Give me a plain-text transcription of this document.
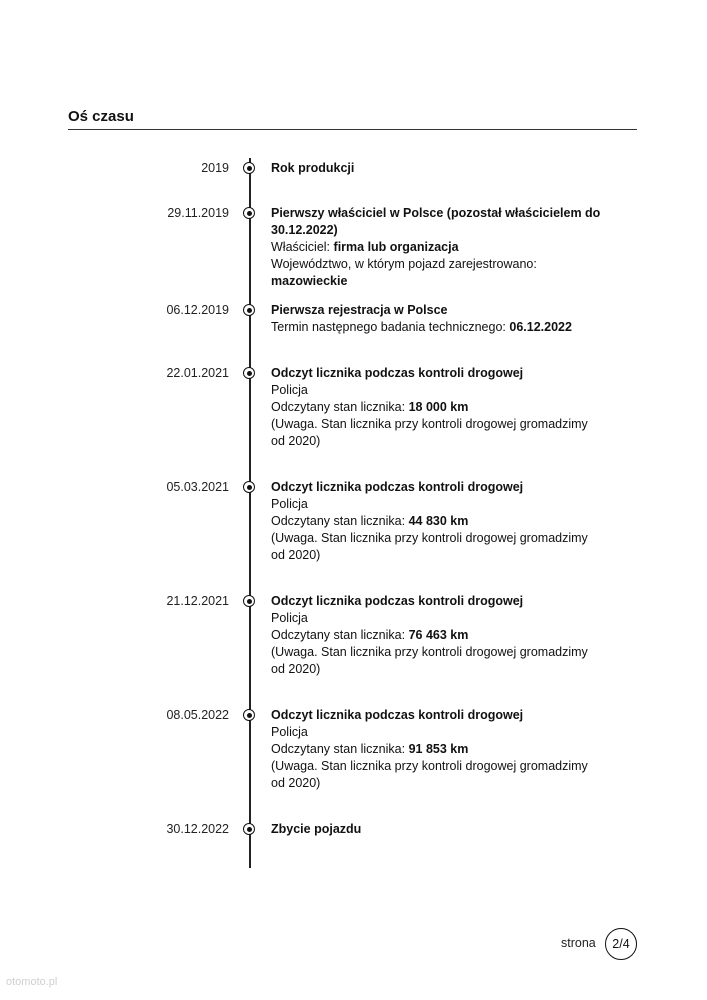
Oś czasu
2019	Rok produkcji
29.11.2019	Pierwszy właściciel w Polsce (pozostał właścicielem do 30.12.2022)
Właściciel: firma lub organizacja
Województwo, w którym pojazd zarejestrowano: mazowieckie
06.12.2019	Pierwsza rejestracja w Polsce
Termin następnego badania technicznego: 06.12.2022
22.01.2021	Odczyt licznika podczas kontroli drogowej
Policja
Odczytany stan licznika: 18 000 km
(Uwaga. Stan licznika przy kontroli drogowej gromadzimy od 2020)
05.03.2021	Odczyt licznika podczas kontroli drogowej
Policja
Odczytany stan licznika: 44 830 km
(Uwaga. Stan licznika przy kontroli drogowej gromadzimy od 2020)
21.12.2021	Odczyt licznika podczas kontroli drogowej
Policja
Odczytany stan licznika: 76 463 km
(Uwaga. Stan licznika przy kontroli drogowej gromadzimy od 2020)
08.05.2022	Odczyt licznika podczas kontroli drogowej
Policja
Odczytany stan licznika: 91 853 km
(Uwaga. Stan licznika przy kontroli drogowej gromadzimy od 2020)
30.12.2022	Zbycie pojazdu
strona	2/4
otomoto.pl
